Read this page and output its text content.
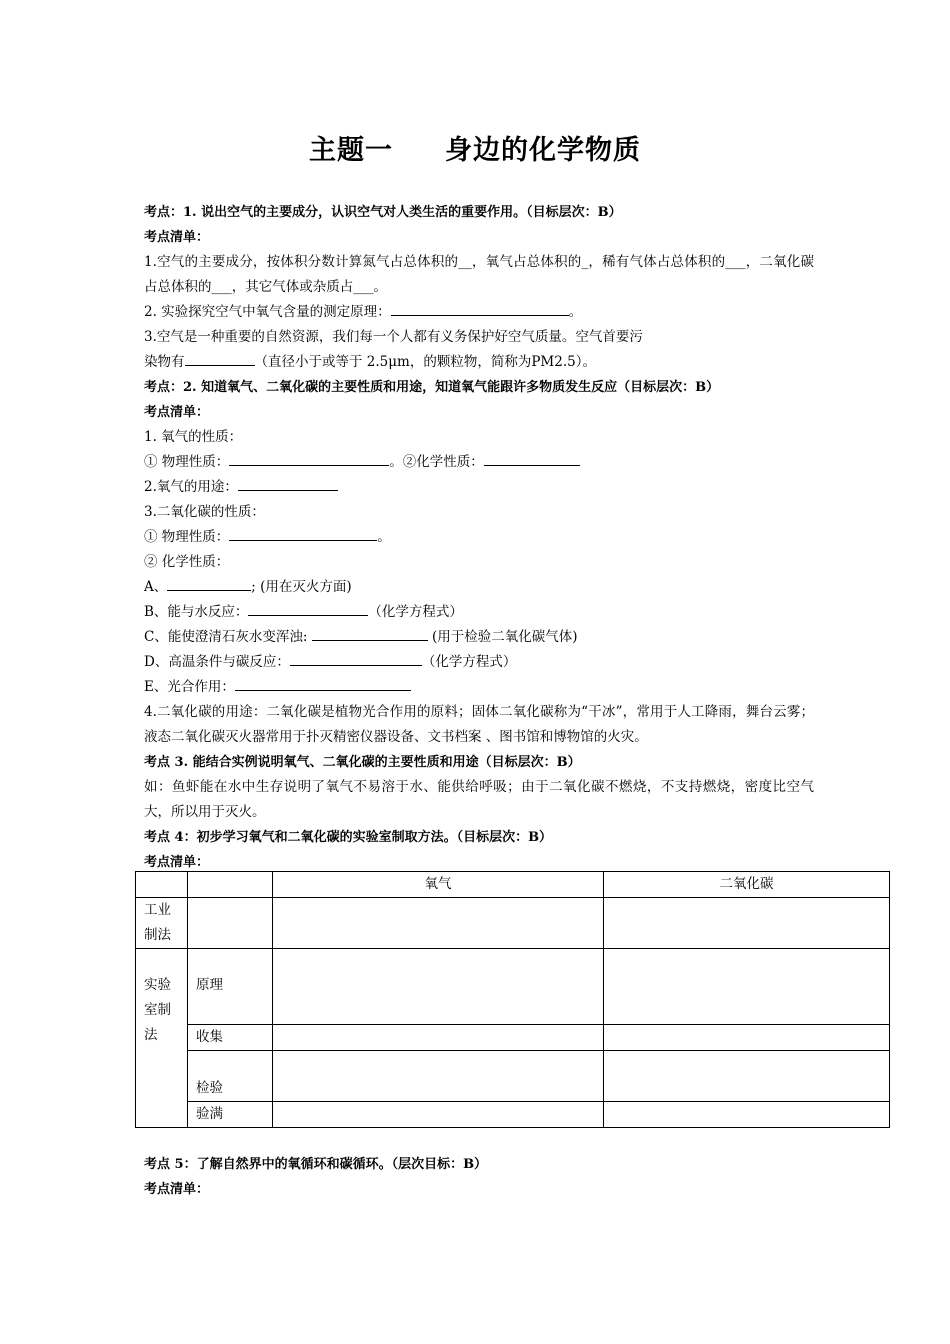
主题一     身边的化学物质
考点：1. 说出空气的主要成分，认识空气对人类生活的重要作用。（目标层次：B）
考点清单：
1.空气的主要成分，按体积分数计算氮气占总体积的__，氧气占总体积的_，稀有气体占总体积的___，二氧化碳占总体积的___，其它气体或杂质占___。
2. 实验探究空气中氧气含量的测定原理：	。
3.空气是一种重要的自然资源，我们每一个人都有义务保护好空气质量。空气首要污
染物有	（直径小于或等于 2.5μm，的颗粒物，简称为PM2.5）。
考点：2. 知道氧气、二氧化碳的主要性质和用途，知道氧气能跟许多物质发生反应（目标层次：B）
考点清单：
1. 氧气的性质：
① 物理性质：	。②化学性质：
2.氧气的用途：
3.二氧化碳的性质：
① 物理性质：	。
② 化学性质：
A、	; (用在灭火方面)
B、能与水反应：	（化学方程式）
C、能使澄清石灰水变浑浊:	(用于检验二氧化碳气体)
D、高温条件与碳反应：	（化学方程式）
E、光合作用：
4.二氧化碳的用途：二氧化碳是植物光合作用的原料；固体二氧化碳称为“干冰”，常用于人工降雨，舞台云雾；液态二氧化碳灭火器常用于扑灭精密仪器设备、文书档案 、图书馆和博物馆的火灾。
考点 3. 能结合实例说明氧气、二氧化碳的主要性质和用途（目标层次：B）
如：鱼虾能在水中生存说明了氧气不易溶于水、能供给呼吸；由于二氧化碳不燃烧，不支持燃烧，密度比空气大，所以用于灭火。
考点 4：初步学习氧气和二氧化碳的实验室制取方法。（目标层次：B）
考点清单：
		氧气	二氧化碳
工业制法			
实验室制法	原理		
	收集		
	检验		
	验满		
考点 5：了解自然界中的氧循环和碳循环。（层次目标：B）
考点清单：
